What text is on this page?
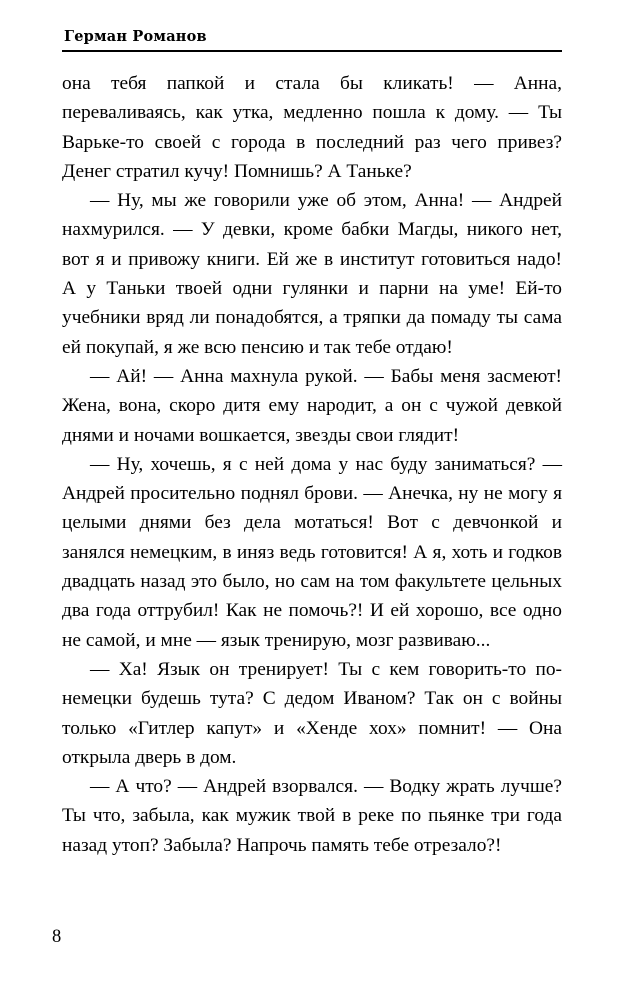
Герман Романов

она тебя папкой и стала бы кликать! — Анна, переваливаясь, как утка, медленно пошла к дому. — Ты Варьке-то своей с города в последний раз чего привез? Денег стратил кучу! Помнишь? А Таньке?

— Ну, мы же говорили уже об этом, Анна! — Андрей нахмурился. — У девки, кроме бабки Магды, никого нет, вот я и привожу книги. Ей же в институт готовиться надо! А у Таньки твоей одни гулянки и парни на уме! Ей-то учебники вряд ли понадобятся, а тряпки да помаду ты сама ей покупай, я же всю пенсию и так тебе отдаю!

— Ай! — Анна махнула рукой. — Бабы меня засмеют! Жена, вона, скоро дитя ему народит, а он с чужой девкой днями и ночами вошкается, звезды свои глядит!

— Ну, хочешь, я с ней дома у нас буду заниматься? — Андрей просительно поднял брови. — Анечка, ну не могу я целыми днями без дела мотаться! Вот с девчонкой и занялся немецким, в иняз ведь готовится! А я, хоть и годков двадцать назад это было, но сам на том факультете цельных два года оттрубил! Как не помочь?! И ей хорошо, все одно не самой, и мне — язык тренирую, мозг развиваю...

— Ха! Язык он тренирует! Ты с кем говорить-то по-немецки будешь тута? С дедом Иваном? Так он с войны только «Гитлер капут» и «Хенде хох» помнит! — Она открыла дверь в дом.

— А что? — Андрей взорвался. — Водку жрать лучше? Ты что, забыла, как мужик твой в реке по пьянке три года назад утоп? Забыла? Напрочь память тебе отрезало?!

8
